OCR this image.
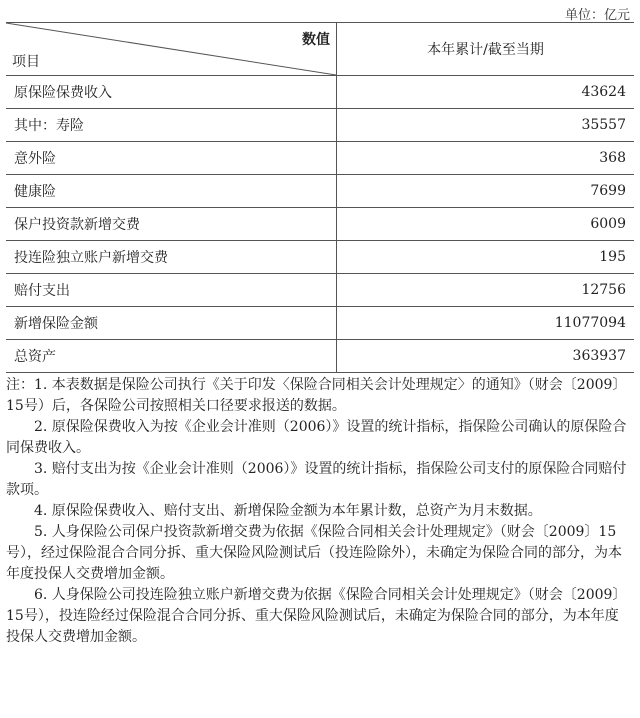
单位：亿元
数值
项目	本年累计/截至当期
原保险保费收入	43624
其中：寿险	35557
意外险	368
健康险	7699
保户投资款新增交费	6009
投连险独立账户新增交费	195
赔付支出	12756
新增保险金额	11077094
总资产	363937

注：1. 本表数据是保险公司执行《关于印发〈保险合同相关会计处理规定〉的通知》（财会〔2009〕15号）后，各保险公司按照相关口径要求报送的数据。

2. 原保险保费收入为按《企业会计准则（2006）》设置的统计指标，指保险公司确认的原保险合同保费收入。

3. 赔付支出为按《企业会计准则（2006）》设置的统计指标，指保险公司支付的原保险合同赔付款项。

4. 原保险保费收入、赔付支出、新增保险金额为本年累计数，总资产为月末数据。

5. 人身保险公司保户投资款新增交费为依据《保险合同相关会计处理规定》（财会〔2009〕15号），经过保险混合合同分拆、重大保险风险测试后（投连险除外），未确定为保险合同的部分，为本年度投保人交费增加金额。

6. 人身保险公司投连险独立账户新增交费为依据《保险合同相关会计处理规定》（财会〔2009〕15号），投连险经过保险混合合同分拆、重大保险风险测试后，未确定为保险合同的部分，为本年度投保人交费增加金额。
